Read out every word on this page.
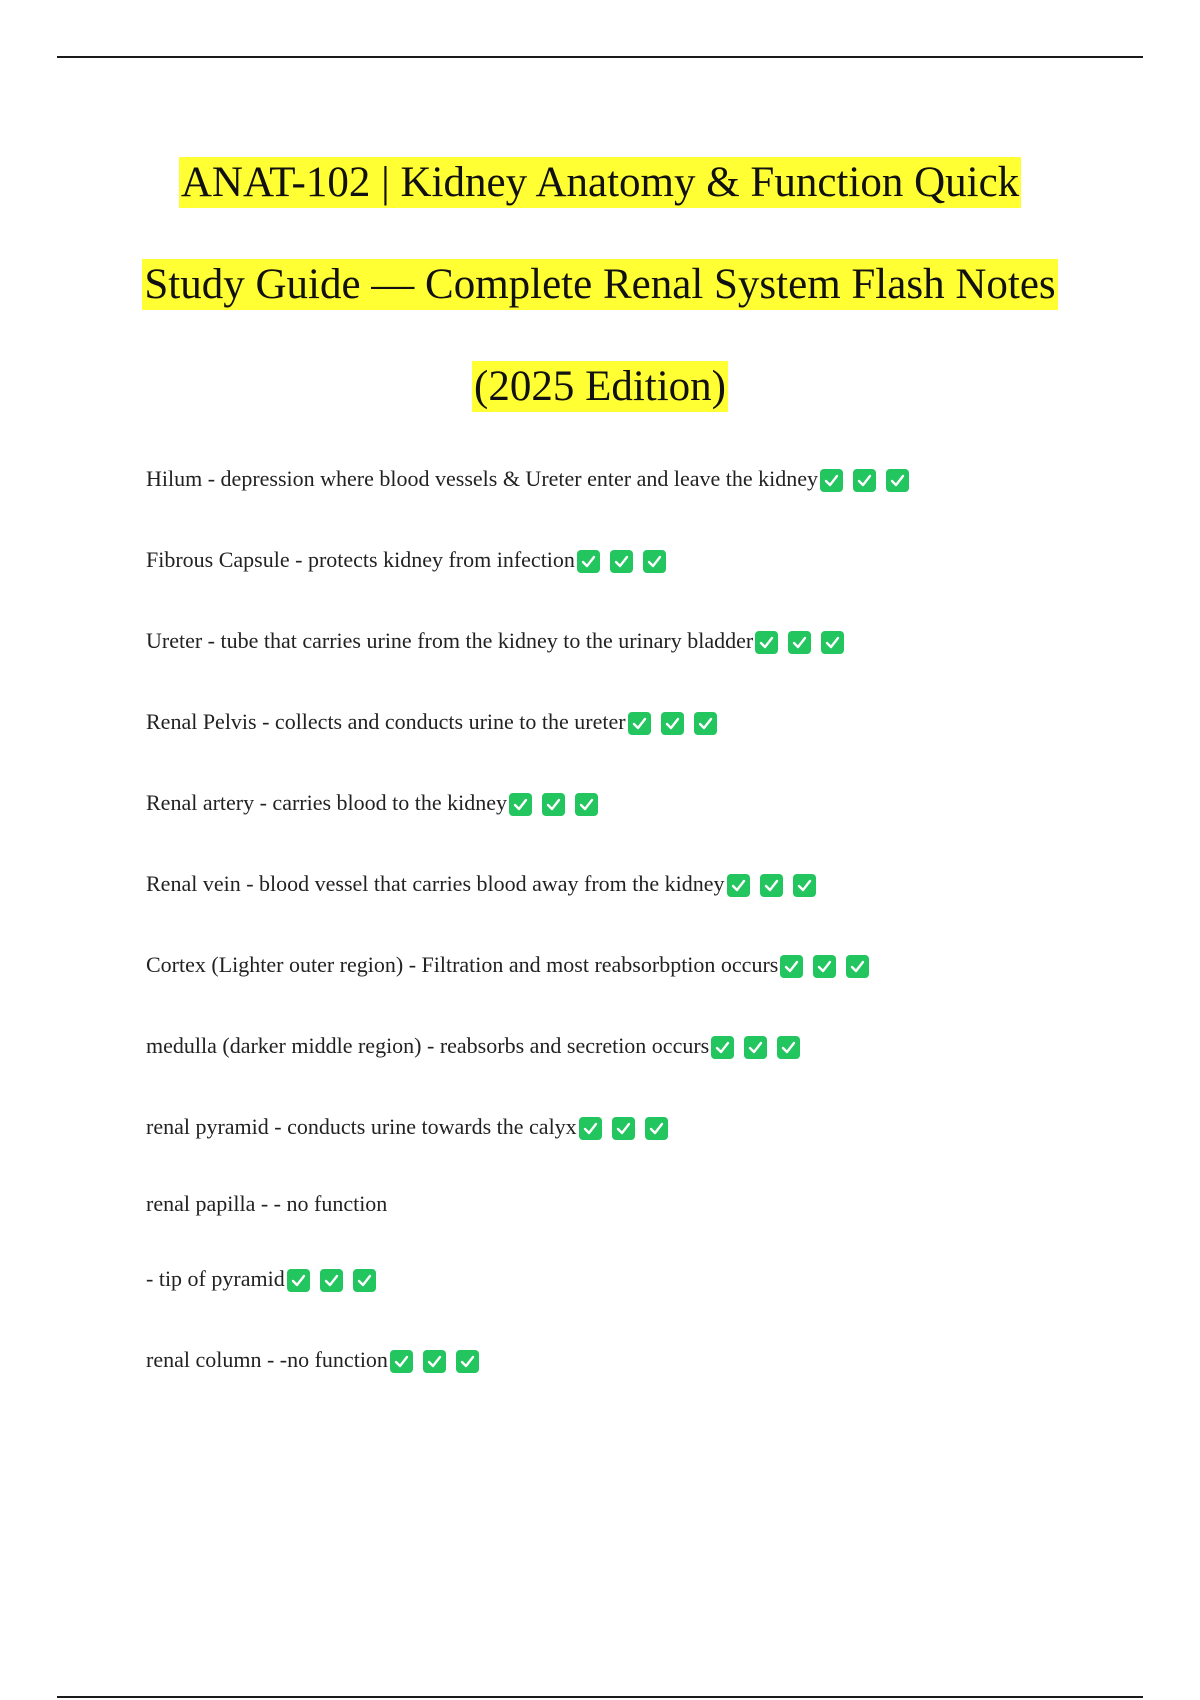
ANAT-102 | Kidney Anatomy & Function Quick
Study Guide — Complete Renal System Flash Notes
(2025 Edition)
Hilum - depression where blood vessels & Ureter enter and leave the kidney
Fibrous Capsule - protects kidney from infection
Ureter - tube that carries urine from the kidney to the urinary bladder
Renal Pelvis - collects and conducts urine to the ureter
Renal artery - carries blood to the kidney
Renal vein - blood vessel that carries blood away from the kidney
Cortex (Lighter outer region) - Filtration and most reabsorbption occurs
medulla (darker middle region) - reabsorbs and secretion occurs
renal pyramid - conducts urine towards the calyx
renal papilla - - no function
- tip of pyramid
renal column - -no function
